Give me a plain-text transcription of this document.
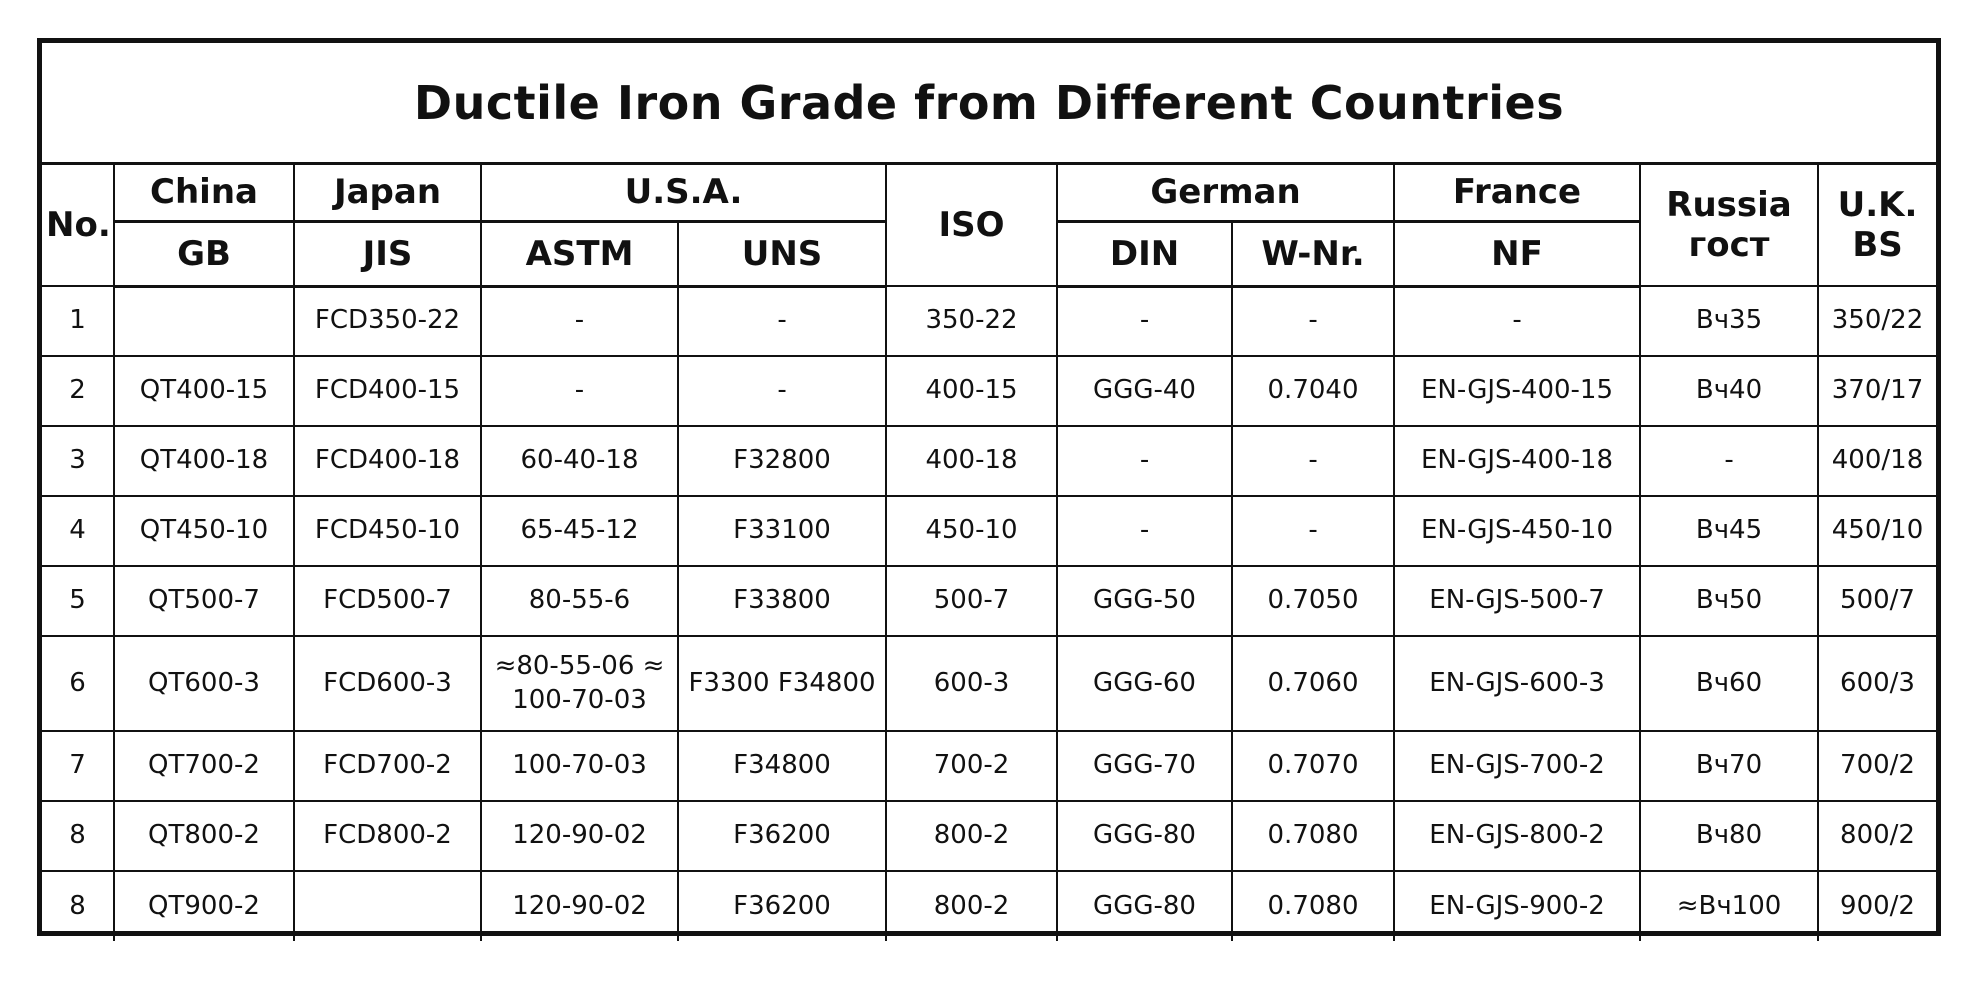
Ductile Iron Grade from Different Countries
No.	China	Japan	U.S.A.		ISO	German		France	Russia гост	U.K. BS
	GB	JIS	ASTM	UNS		DIN	W-Nr.	NF		
1		FCD350-22	-	-	350-22	-	-	-	Вч35	350/22
2	QT400-15	FCD400-15	-	-	400-15	GGG-40	0.7040	EN-GJS-400-15	Вч40	370/17
3	QT400-18	FCD400-18	60-40-18	F32800	400-18	-	-	EN-GJS-400-18	-	400/18
4	QT450-10	FCD450-10	65-45-12	F33100	450-10	-	-	EN-GJS-450-10	Вч45	450/10
5	QT500-7	FCD500-7	80-55-6	F33800	500-7	GGG-50	0.7050	EN-GJS-500-7	Вч50	500/7
6	QT600-3	FCD600-3	≈80-55-06 ≈ 100-70-03	F3300 F34800	600-3	GGG-60	0.7060	EN-GJS-600-3	Вч60	600/3
7	QT700-2	FCD700-2	100-70-03	F34800	700-2	GGG-70	0.7070	EN-GJS-700-2	Вч70	700/2
8	QT800-2	FCD800-2	120-90-02	F36200	800-2	GGG-80	0.7080	EN-GJS-800-2	Вч80	800/2
8	QT900-2		120-90-02	F36200	800-2	GGG-80	0.7080	EN-GJS-900-2	≈Вч100	900/2
